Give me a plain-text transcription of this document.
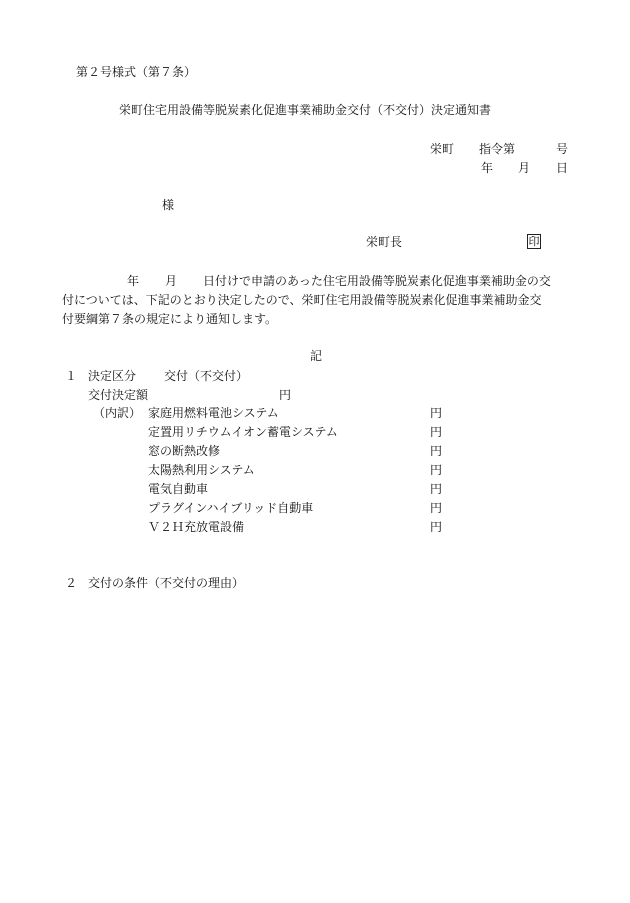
第２号様式（第７条）
栄町住宅用設備等脱炭素化促進事業補助金交付（不交付）決定通知書
栄町 指令第	号
年 月 日
様
栄町長	印
年 月 日付けで申請のあった住宅用設備等脱炭素化促進事業補助金の交
付については、下記のとおり決定したので、栄町住宅用設備等脱炭素化促進事業補助金交
付要綱第７条の規定により通知します。
記
１ 決定区分 交付（不交付）
交付決定額	円
（内訳） 家庭用燃料電池システム	円
定置用リチウムイオン蓄電システム	円
窓の断熱改修	円
太陽熱利用システム	円
電気自動車	円
プラグインハイブリッド自動車	円
Ｖ２Ｈ充放電設備	円
２ 交付の条件（不交付の理由）
